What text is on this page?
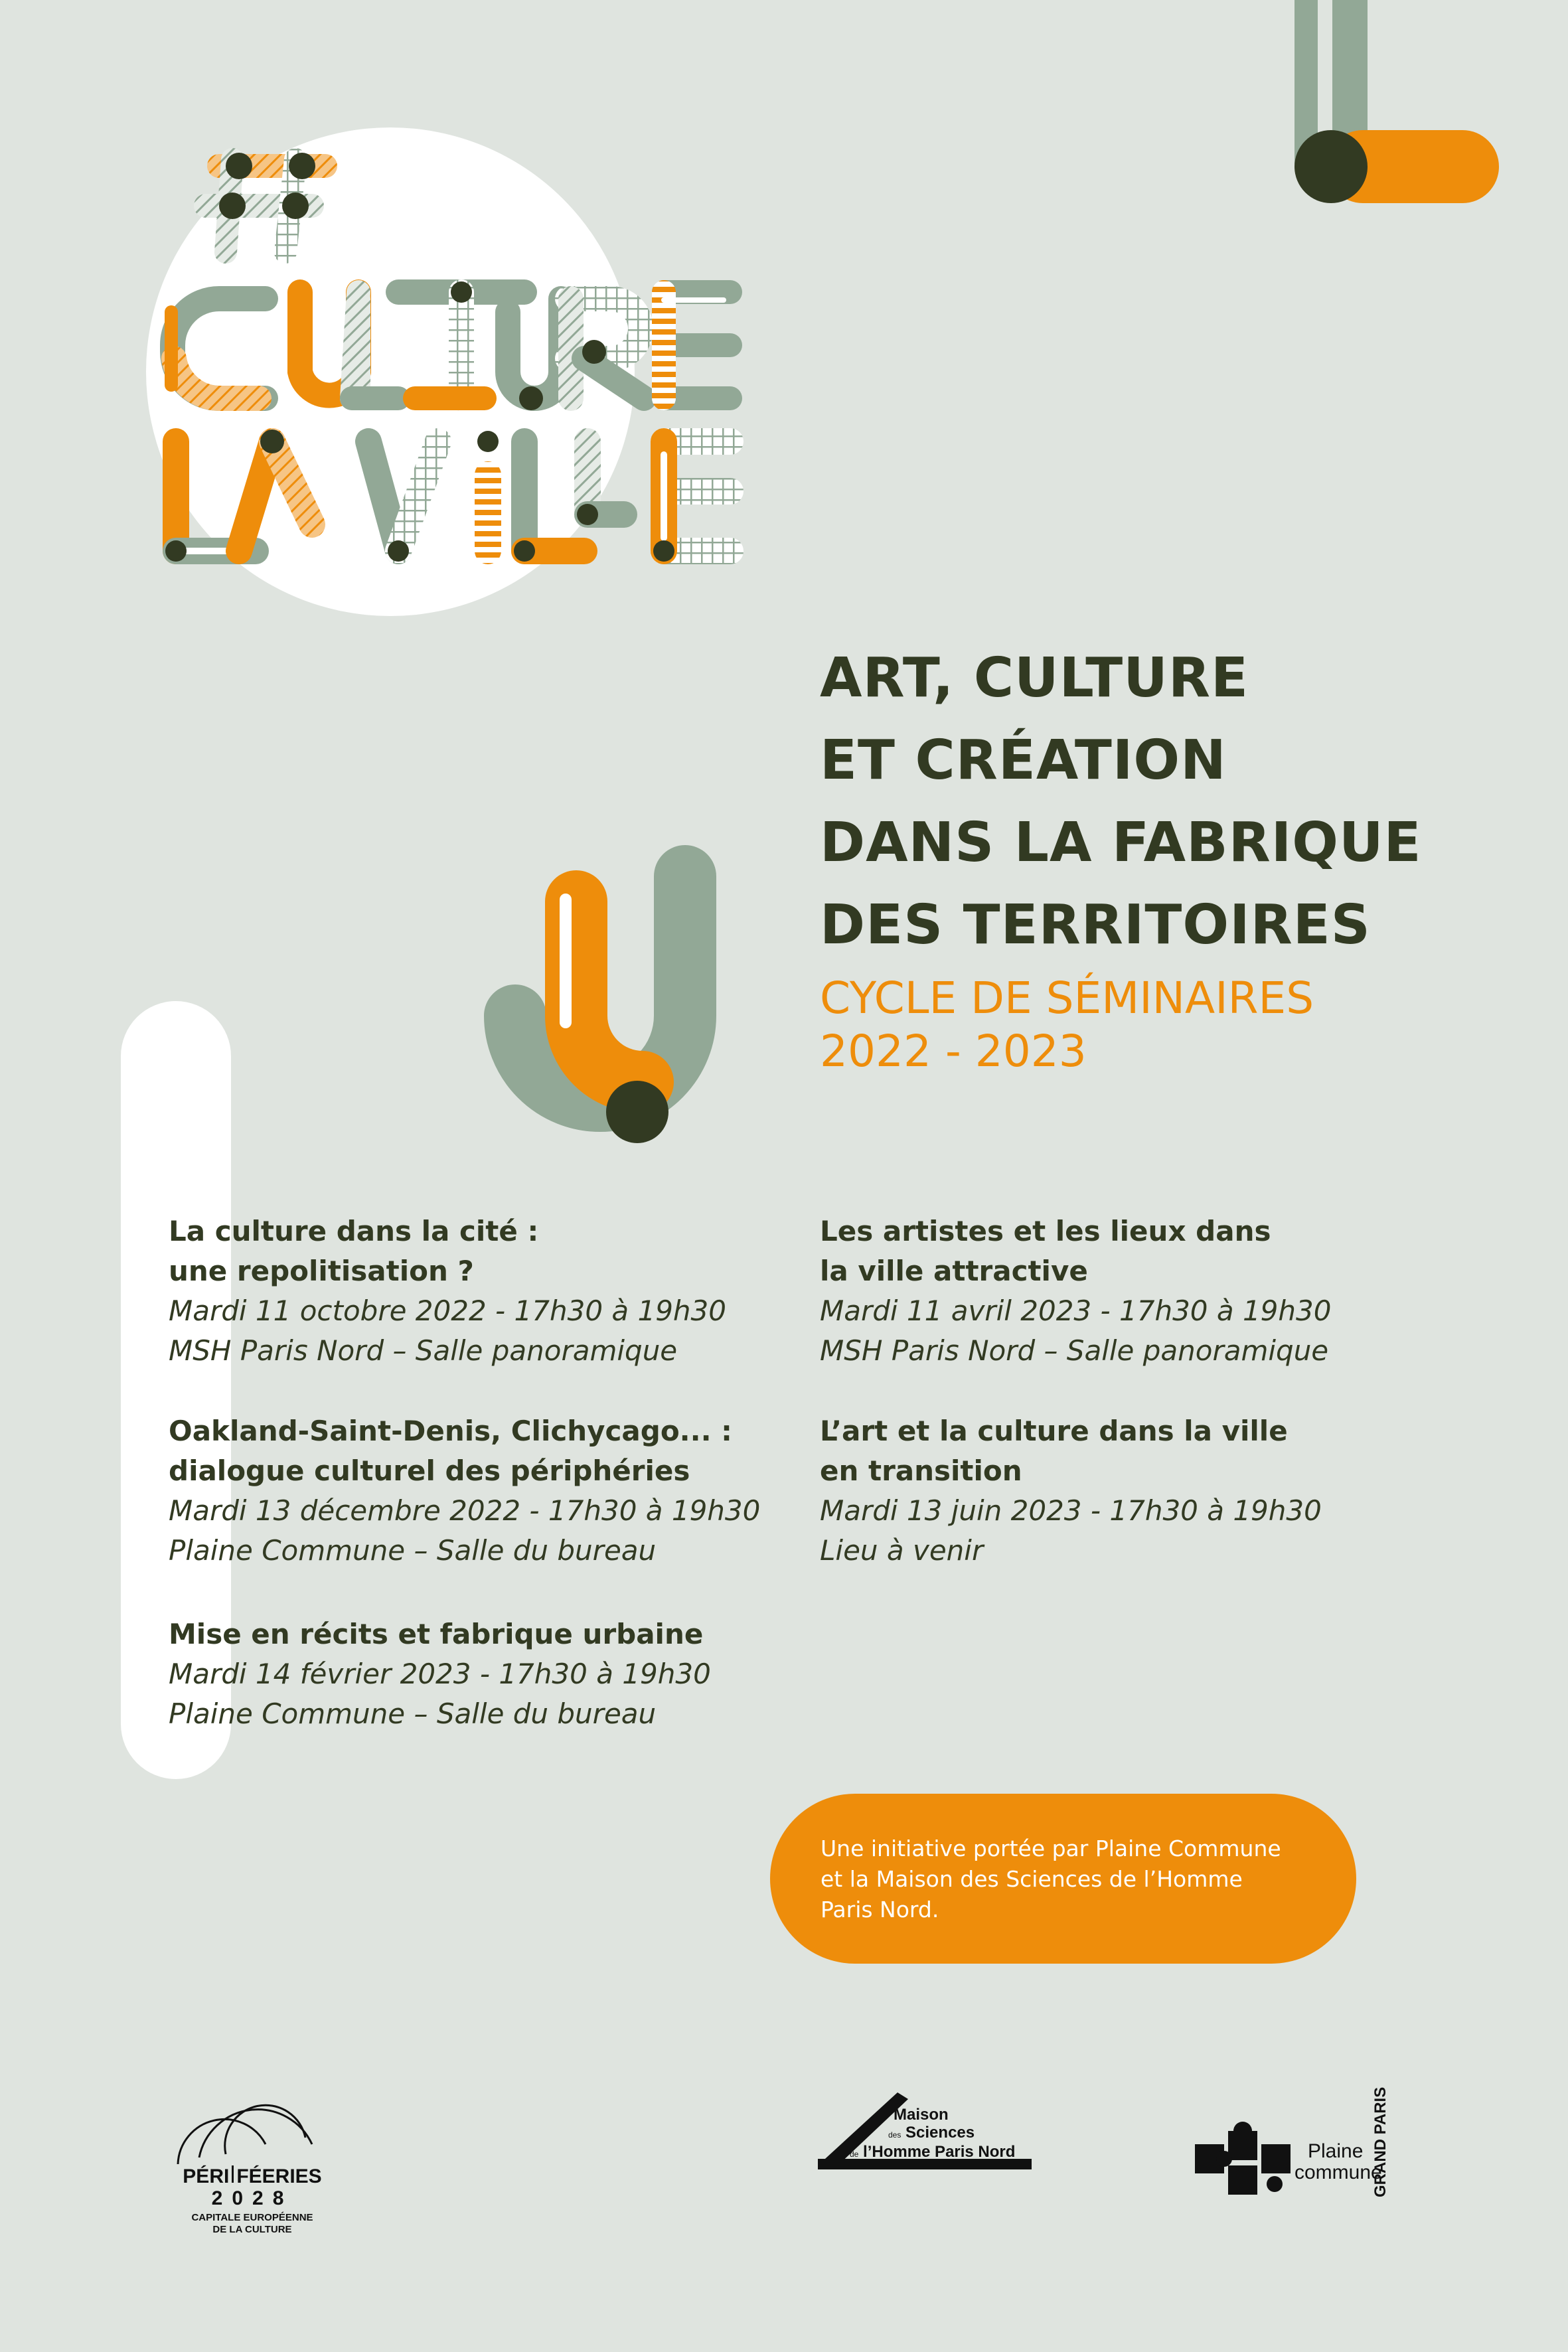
ART, CULTURE
ET CRÉATION
DANS LA FABRIQUE
DES TERRITOIRES
CYCLE DE SÉMINAIRES
2022 - 2023
La culture dans la cité :
une repolitisation ?
Mardi 11 octobre 2022 - 17h30 à 19h30
MSH Paris Nord – Salle panoramique
Oakland-Saint-Denis, Clichycago... :
dialogue culturel des périphéries
Mardi 13 décembre 2022 - 17h30 à 19h30
Plaine Commune – Salle du bureau
Mise en récits et fabrique urbaine
Mardi 14 février 2023 - 17h30 à 19h30
Plaine Commune – Salle du bureau
Les artistes et les lieux dans
la ville attractive
Mardi 11 avril 2023 - 17h30 à 19h30
MSH Paris Nord – Salle panoramique
L’art et la culture dans la ville
en transition
Mardi 13 juin 2023 - 17h30 à 19h30
Lieu à venir
Une initiative portée par Plaine Commune
et la Maison des Sciences de l’Homme
Paris Nord.
PÉRI FÉERIES
2028
CAPITALE EUROPÉENNE
DE LA CULTURE
Maison
des Sciences
de l’Homme Paris Nord	Plaine
commune
GRAND PARIS
